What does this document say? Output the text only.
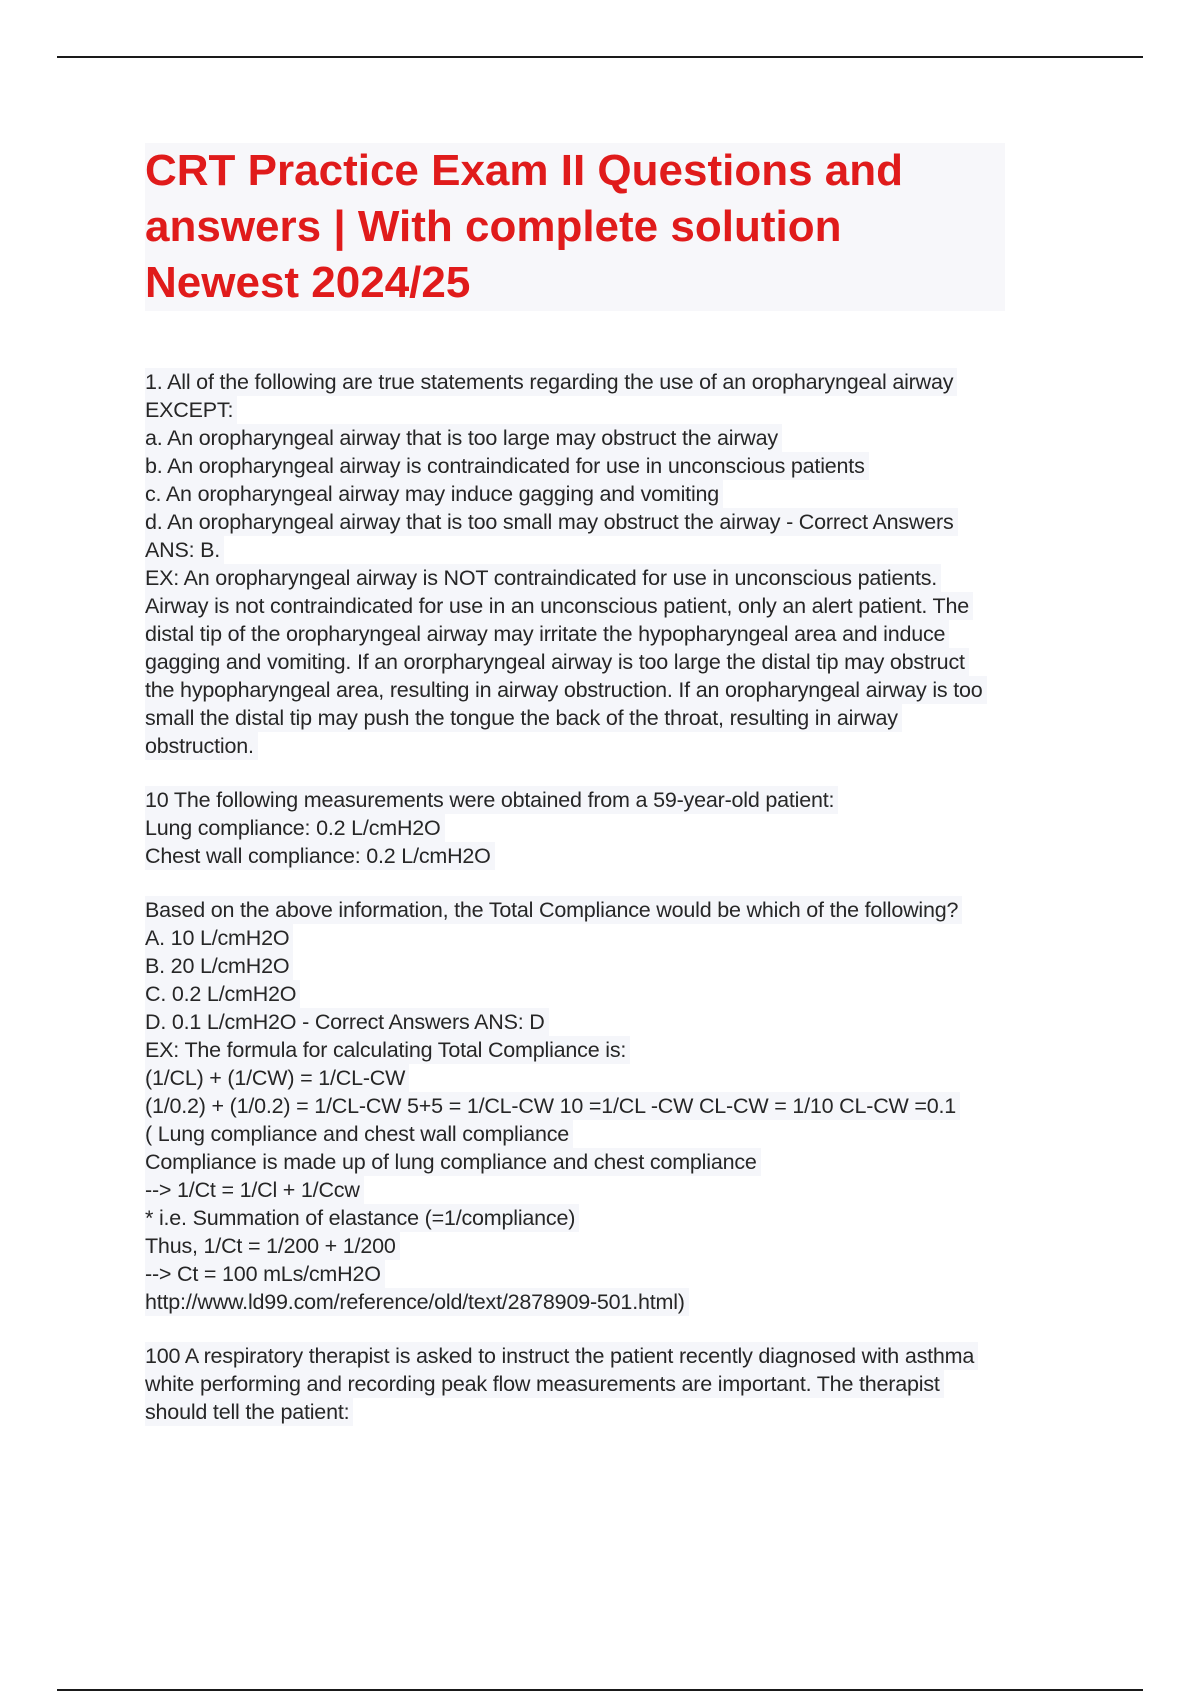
CRT Practice Exam II Questions and
answers | With complete solution
Newest 2024/25
1. All of the following are true statements regarding the use of an oropharyngeal airway
EXCEPT:
a. An oropharyngeal airway that is too large may obstruct the airway
b. An oropharyngeal airway is contraindicated for use in unconscious patients
c. An oropharyngeal airway may induce gagging and vomiting
d. An oropharyngeal airway that is too small may obstruct the airway - Correct Answers
ANS: B.
EX: An oropharyngeal airway is NOT contraindicated for use in unconscious patients.
Airway is not contraindicated for use in an unconscious patient, only an alert patient. The
distal tip of the oropharyngeal airway may irritate the hypopharyngeal area and induce
gagging and vomiting. If an ororpharyngeal airway is too large the distal tip may obstruct
the hypopharyngeal area, resulting in airway obstruction. If an oropharyngeal airway is too
small the distal tip may push the tongue the back of the throat, resulting in airway
obstruction.
10 The following measurements were obtained from a 59-year-old patient:
Lung compliance: 0.2 L/cmH2O
Chest wall compliance: 0.2 L/cmH2O
Based on the above information, the Total Compliance would be which of the following?
A. 10 L/cmH2O
B. 20 L/cmH2O
C. 0.2 L/cmH2O
D. 0.1 L/cmH2O - Correct Answers ANS: D
EX: The formula for calculating Total Compliance is:
(1/CL) + (1/CW) = 1/CL-CW
(1/0.2) + (1/0.2) = 1/CL-CW 5+5 = 1/CL-CW 10 =1/CL -CW CL-CW = 1/10 CL-CW =0.1
( Lung compliance and chest wall compliance
Compliance is made up of lung compliance and chest compliance
--> 1/Ct = 1/Cl + 1/Ccw
* i.e. Summation of elastance (=1/compliance)
Thus, 1/Ct = 1/200 + 1/200
--> Ct = 100 mLs/cmH2O
http://www.ld99.com/reference/old/text/2878909-501.html)
100 A respiratory therapist is asked to instruct the patient recently diagnosed with asthma
white performing and recording peak flow measurements are important. The therapist
should tell the patient:
